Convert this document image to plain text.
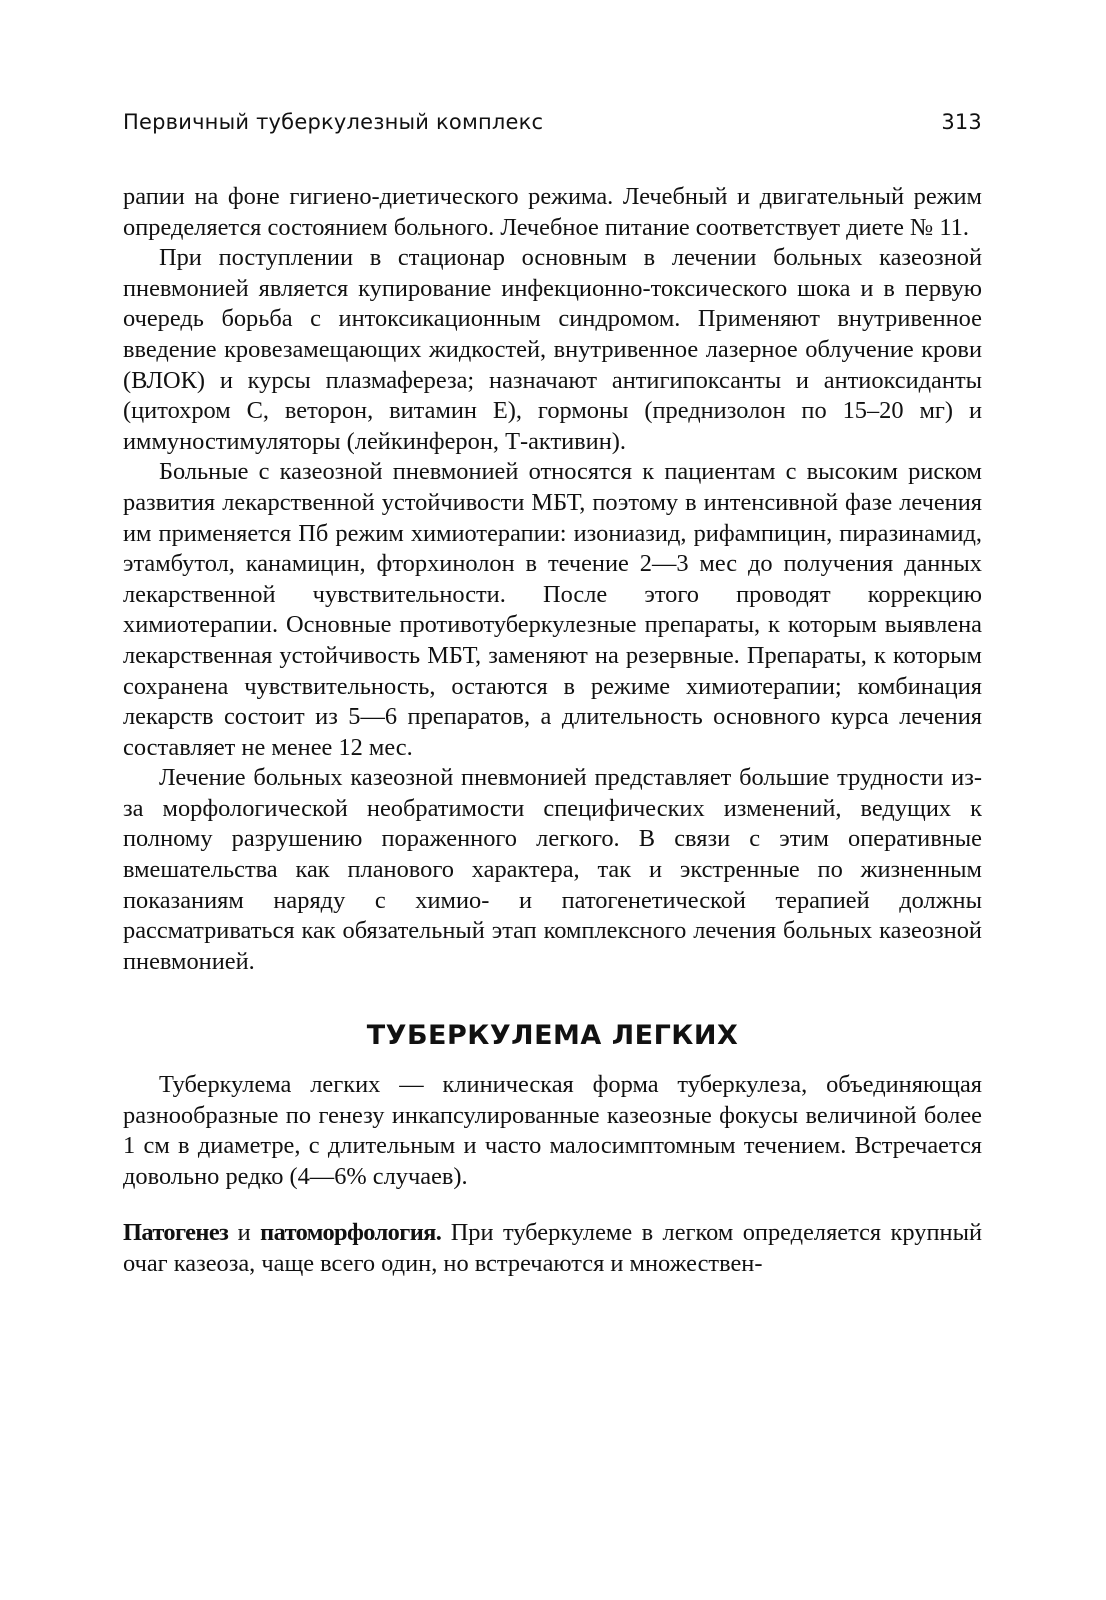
Первичный туберкулезный комплекс	313

рапии на фоне гигиено-диетического режима. Лечебный и двигательный режим определяется состоянием больного. Лечебное питание соответствует диете № 11.

При поступлении в стационар основным в лечении больных казеозной пневмонией является купирование инфекционно-токсического шока и в первую очередь борьба с интоксикационным синдромом. Применяют внутривенное введение кровезамещающих жидкостей, внутривенное лазерное облучение крови (ВЛОК) и курсы плазмафереза; назначают антигипоксанты и антиоксиданты (цитохром С, веторон, витамин Е), гормоны (преднизолон по 15–20 мг) и иммуностимуляторы (лейкинферон, Т-активин).

Больные с казеозной пневмонией относятся к пациентам с высоким риском развития лекарственной устойчивости МБТ, поэтому в интенсивной фазе лечения им применяется Пб режим химиотерапии: изониазид, рифампицин, пиразинамид, этамбутол, канамицин, фторхинолон в течение 2—3 мес до получения данных лекарственной чувствительности. После этого проводят коррекцию химиотерапии. Основные противотуберкулезные препараты, к которым выявлена лекарственная устойчивость МБТ, заменяют на резервные. Препараты, к которым сохранена чувствительность, остаются в режиме химиотерапии; комбинация лекарств состоит из 5—6 препаратов, а длительность основного курса лечения составляет не менее 12 мес.

Лечение больных казеозной пневмонией представляет большие трудности из-за морфологической необратимости специфических изменений, ведущих к полному разрушению пораженного легкого. В связи с этим оперативные вмешательства как планового характера, так и экстренные по жизненным показаниям наряду с химио- и патогенетической терапией должны рассматриваться как обязательный этап комплексного лечения больных казеозной пневмонией.

ТУБЕРКУЛЕМА ЛЕГКИХ

Туберкулема легких — клиническая форма туберкулеза, объединяющая разнообразные по генезу инкапсулированные казеозные фокусы величиной более 1 см в диаметре, с длительным и часто малосимптомным течением. Встречается довольно редко (4—6% случаев).

Патогенез и патоморфология. При туберкулеме в легком определяется крупный очаг казеоза, чаще всего один, но встречаются и множествен-
